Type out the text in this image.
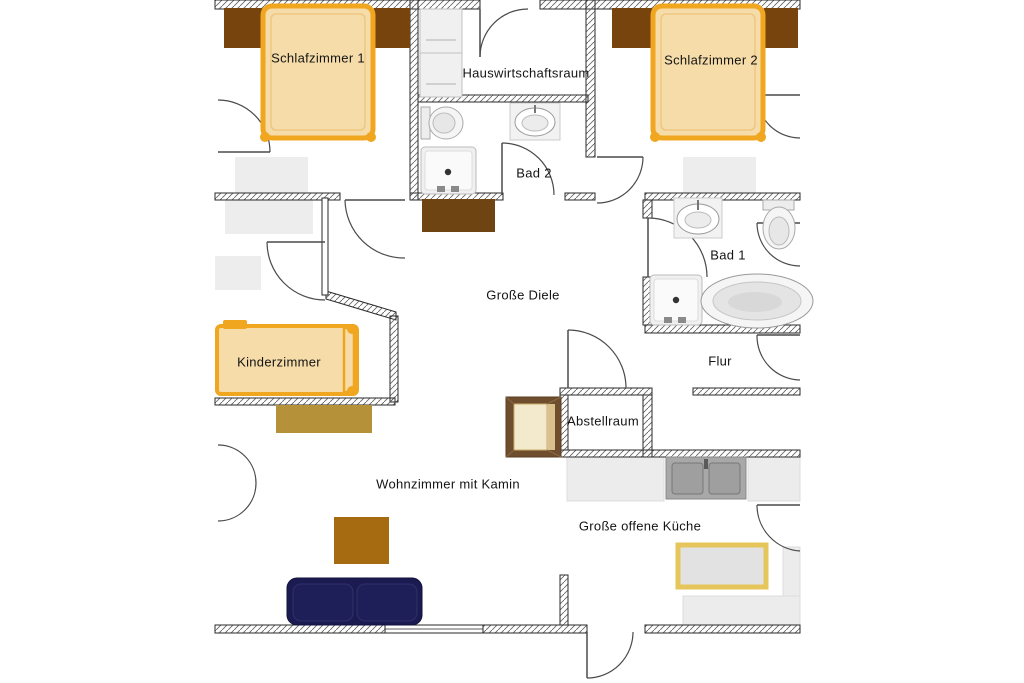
Schlafzimmer 1
Hauswirtschaftsraum
Bad 2
Schlafzimmer 2
Große Diele
Bad 1
Flur
Kinderzimmer
Abstellraum
Wohnzimmer mit Kamin
Große offene Küche
